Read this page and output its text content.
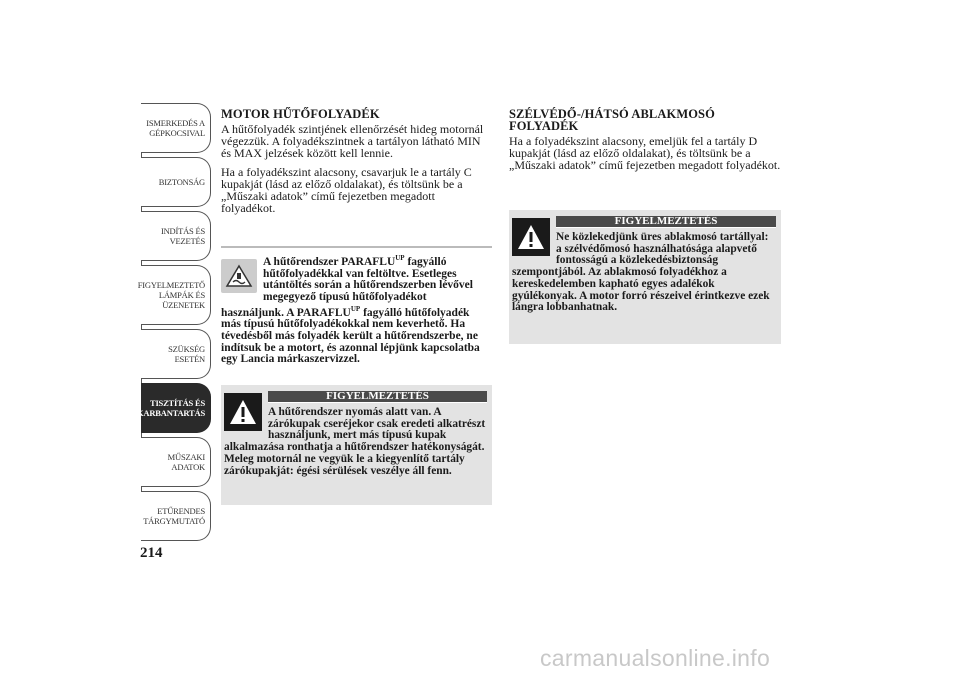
ISMERKEDÉS A
GÉPKOCSIVAL
BIZTONSÁG
INDÍTÁS ÉS
VEZETÉS
FIGYELMEZTETŐ
LÁMPÁK ÉS
ÜZENETEK
SZÜKSÉG ESETÉN
TISZTÍTÁS ÉS
KARBANTARTÁS
MŰSZAKI ADATOK
ETŰRENDES
TÁRGYMUTATÓ
214
MOTOR HŰTŐFOLYADÉK

A hűtőfolyadék szintjének ellenőrzését hideg motornál végezzük. A folyadékszintnek a tartályon látható MIN és MAX jelzések között kell lennie.

Ha a folyadékszint alacsony, csavarjuk le a tartály C kupakját (lásd az előző oldalakat), és töltsünk be a „Műszaki adatok” című fejezetben megadott folyadékot.

A hűtőrendszer $PARAFLU^{UP}$ fagyálló hűtőfolyadékkal van feltöltve. Esetleges utántöltés során a hűtőrendszerben lévővel megegyező típusú hűtőfolyadékot használjunk. A $PARAFLU^{UP}$ fagyálló hűtőfolyadék más típusú hűtőfolyadékokkal nem keverhető. Ha tévedésből más folyadék került a hűtőrendszerbe, ne indítsuk be a motort, és azonnal lépjünk kapcsolatba egy Lancia márkaszervizzel.
FIGYELMEZTETÉS
A hűtőrendszer nyomás alatt van. A zárókupak cseréjekor csak eredeti alkatrészt használjunk, mert más típusú kupak alkalmazása ronthatja a hűtőrendszer hatékonyságát. Meleg motornál ne vegyük le a kiegyenlítő tartály zárókupakját: égési sérülések veszélye áll fenn.
SZÉLVÉDŐ-/HÁTSÓ ABLAKMOSÓ FOLYADÉK

Ha a folyadékszint alacsony, emeljük fel a tartály D kupakját (lásd az előző oldalakat), és töltsünk be a „Műszaki adatok” című fejezetben megadott folyadékot.

FIGYELMEZTETÉS
Ne közlekedjünk üres ablakmosó tartállyal: a szélvédőmosó használhatósága alapvető fontosságú a közlekedésbiztonság szempontjából. Az ablakmosó folyadékhoz a kereskedelemben kapható egyes adalékok gyúlékonyak. A motor forró részeivel érintkezve ezek lángra lobbanhatnak.
carmanualsonline.info
